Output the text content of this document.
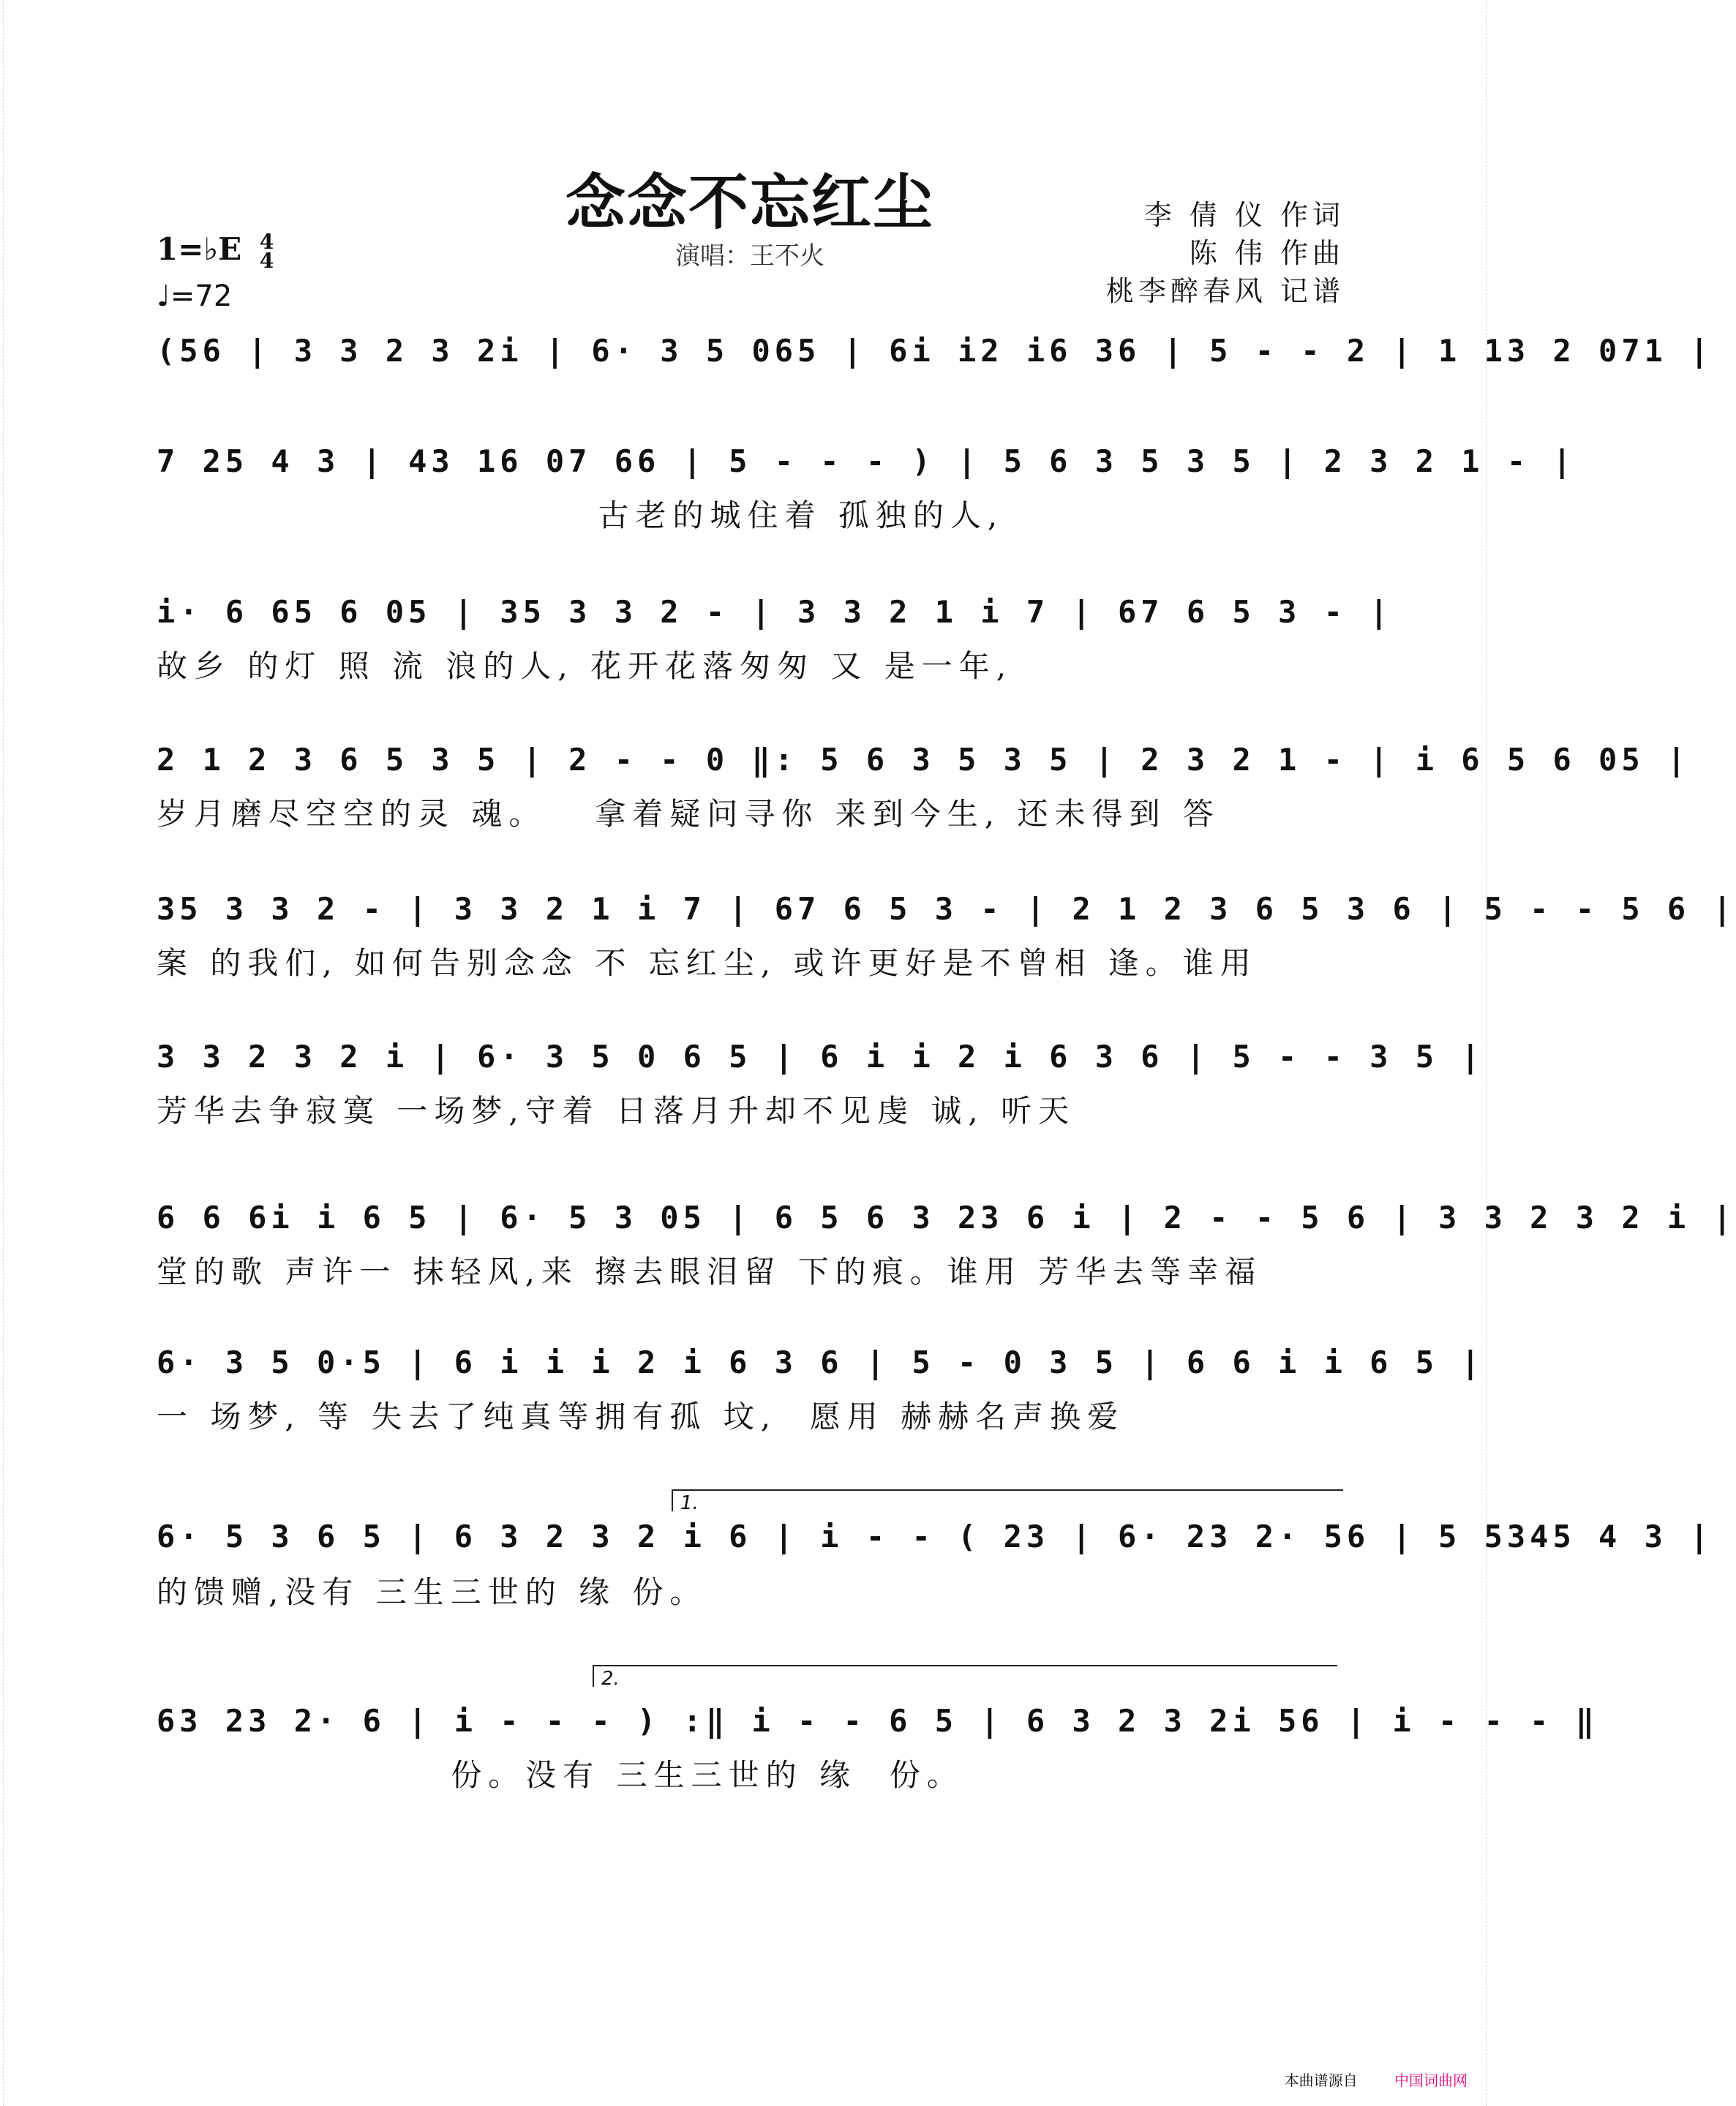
念念不忘红尘
演唱：王不火
李 倩 仪 作词
陈 伟 作曲
桃李醉春风 记谱
1=♭E 4
4
♩=72
(56 | 3 3 2 3 2i | 6· 3 5 065 | 6i i2 i6 36 | 5 - - 2 | 1 13 2 071 |
7 25 4 3 | 43 16 07 66 | 5 - - - ) | 5 6 3 5 3 5 | 2 3 2 1 - |
古老的城住着 孤独的人,
i· 6 65 6 05 | 35 3 3 2 - | 3 3 2 1 i 7 | 67 6 5 3 - |
故乡 的灯 照 流 浪的人, 花开花落匆匆 又 是一年,
2 1 2 3 6 5 3 5 | 2 - - 0 ‖: 5 6 3 5 3 5 | 2 3 2 1 - | i 6 5 6 05 |
岁月磨尽空空的灵 魂。   拿着疑问寻你 来到今生, 还未得到 答
35 3 3 2 - | 3 3 2 1 i 7 | 67 6 5 3 - | 2 1 2 3 6 5 3 6 | 5 - - 5 6 |
案 的我们, 如何告别念念 不 忘红尘, 或许更好是不曾相 逢。谁用
3 3 2 3 2 i | 6· 3 5 0 6 5 | 6 i i 2 i 6 3 6 | 5 - - 3 5 |
芳华去争寂寞 一场梦,守着 日落月升却不见虔 诚, 听天
6 6 6i i 6 5 | 6· 5 3 05 | 6 5 6 3 23 6 i | 2 - - 5 6 | 3 3 2 3 2 i |
堂的歌 声许一 抹轻风,来 擦去眼泪留 下的痕。谁用 芳华去等幸福
6· 3 5 0·5 | 6 i i i 2 i 6 3 6 | 5 - 0 3 5 | 6 6 i i 6 5 |
一 场梦, 等 失去了纯真等拥有孤 坟,  愿用 赫赫名声换爱
1.
6· 5 3 6 5 | 6 3 2 3 2 i 6 | i - - ( 23 | 6· 23 2· 56 | 5 5345 4 3 |
的馈赠,没有 三生三世的 缘 份。
2.
63 23 2· 6 | i - - - ) :‖ i - - 6 5 | 6 3 2 3 2i 56 | i - - - ‖
份。没有 三生三世的 缘  份。
本曲谱源自	中国词曲网
